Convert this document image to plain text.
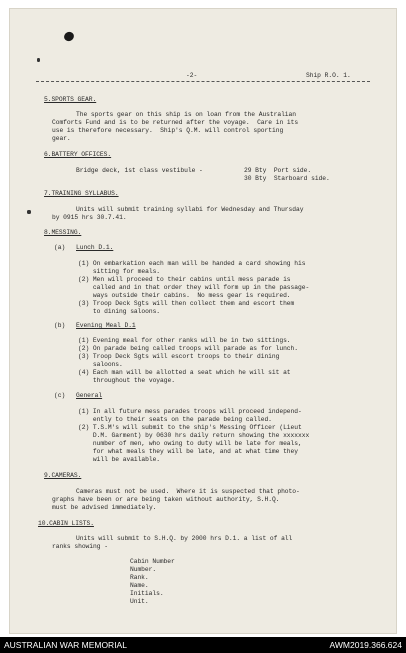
-2-	Ship R.O. 1.
5.SPORTS GEAR.
The sports gear on this ship is on loan from the Australian
Comforts Fund and is to be returned after the voyage.  Care in its
use is therefore necessary.  Ship's Q.M. will control sporting
gear.
6.BATTERY OFFICES.
Bridge deck, 1st class vestibule -	29 Bty  Port side.
30 Bty  Starboard side.
7.TRAINING SYLLABUS.
Units will submit training syllabi for Wednesday and Thursday
by 0915 hrs 30.7.41.
8.MESSING.
(a) Lunch D.1.
(1) On embarkation each man will be handed a card showing his
sitting for meals.
(2) Men will proceed to their cabins until mess parade is
called and in that order they will form up in the passage-
ways outside their cabins.  No mess gear is required.
(3) Troop Deck Sgts will then collect them and escort them
to dining saloons.
(b) Evening Meal D.1
(1) Evening meal for other ranks will be in two sittings.
(2) On parade being called troops will parade as for lunch.
(3) Troop Deck Sgts will escort troops to their dining
saloons.
(4) Each man will be allotted a seat which he will sit at
throughout the voyage.
(c) General
(1) In all future mess parades troops will proceed independ-
ently to their seats on the parade being called.
(2) T.S.M's will submit to the ship's Messing Officer (Lieut
D.M. Garment) by 0630 hrs daily return showing the xxxxxxx
number of men, who owing to duty will be late for meals,
for what meals they will be late, and at what time they
will be available.
9.CAMERAS.
Cameras must not be used.  Where it is suspected that photo-
graphs have been or are being taken without authority, S.H.Q.
must be advised immediately.
10.CABIN LISTS.
Units will submit to S.H.Q. by 2000 hrs D.1. a list of all
ranks showing -
Cabin Number
Number.
Rank.
Name.
Initials.
Unit.
AUSTRALIAN WAR MEMORIAL	AWM2019.366.624
